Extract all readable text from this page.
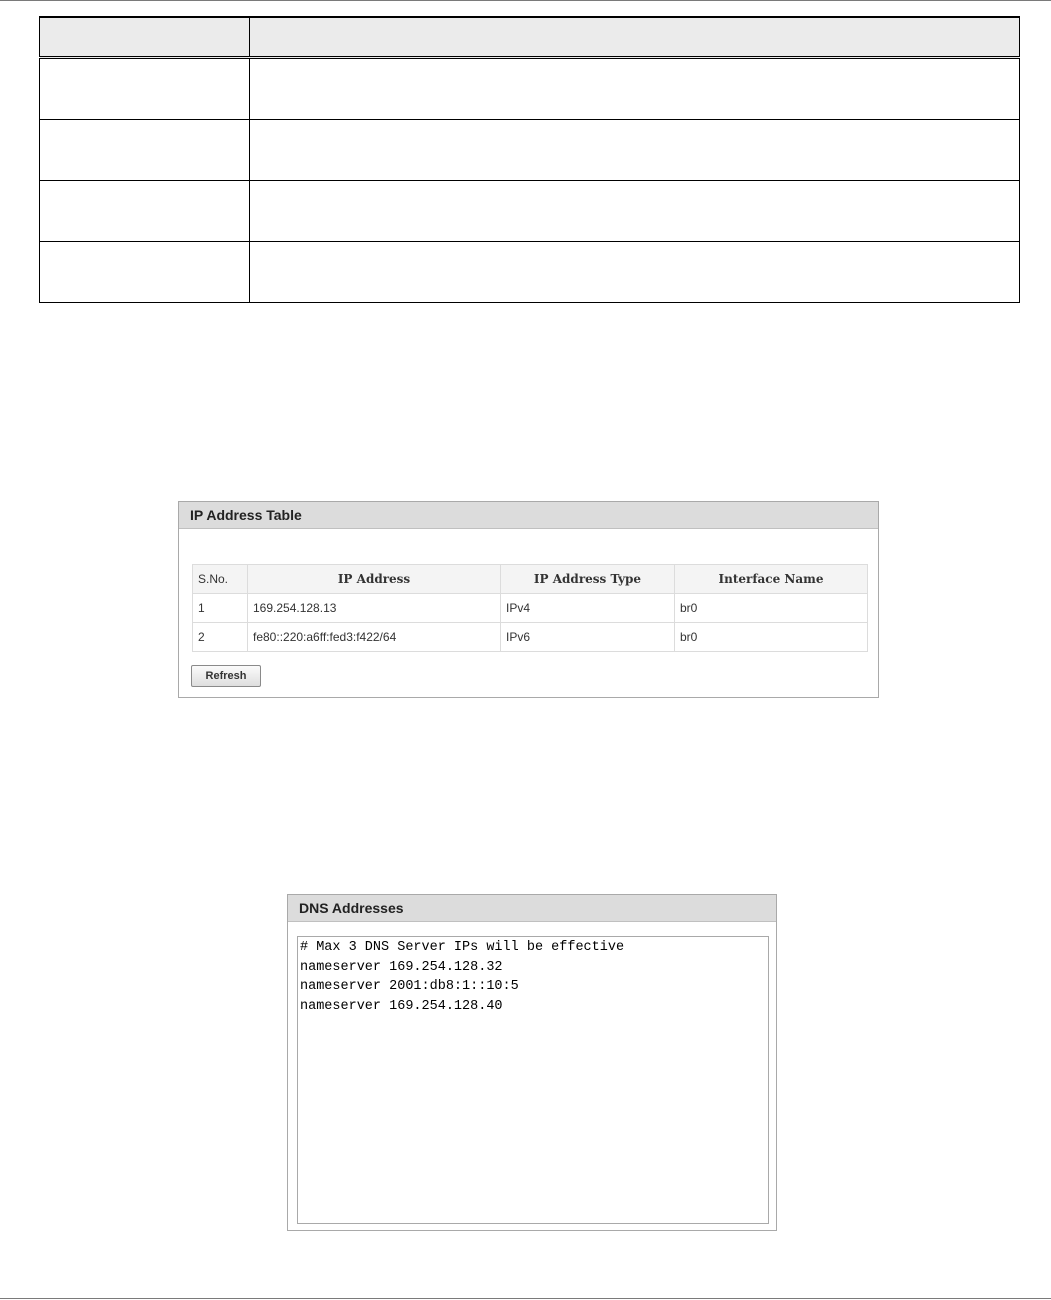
IP Address Table
S.No.	IP Address	IP Address Type	Interface Name
1	169.254.128.13	IPv4	br0
2	fe80::220:a6ff:fed3:f422/64	IPv6	br0
Refresh
DNS Addresses
# Max 3 DNS Server IPs will be effective nameserver 169.254.128.32 nameserver 2001:db8:1::10:5 nameserver 169.254.128.40
